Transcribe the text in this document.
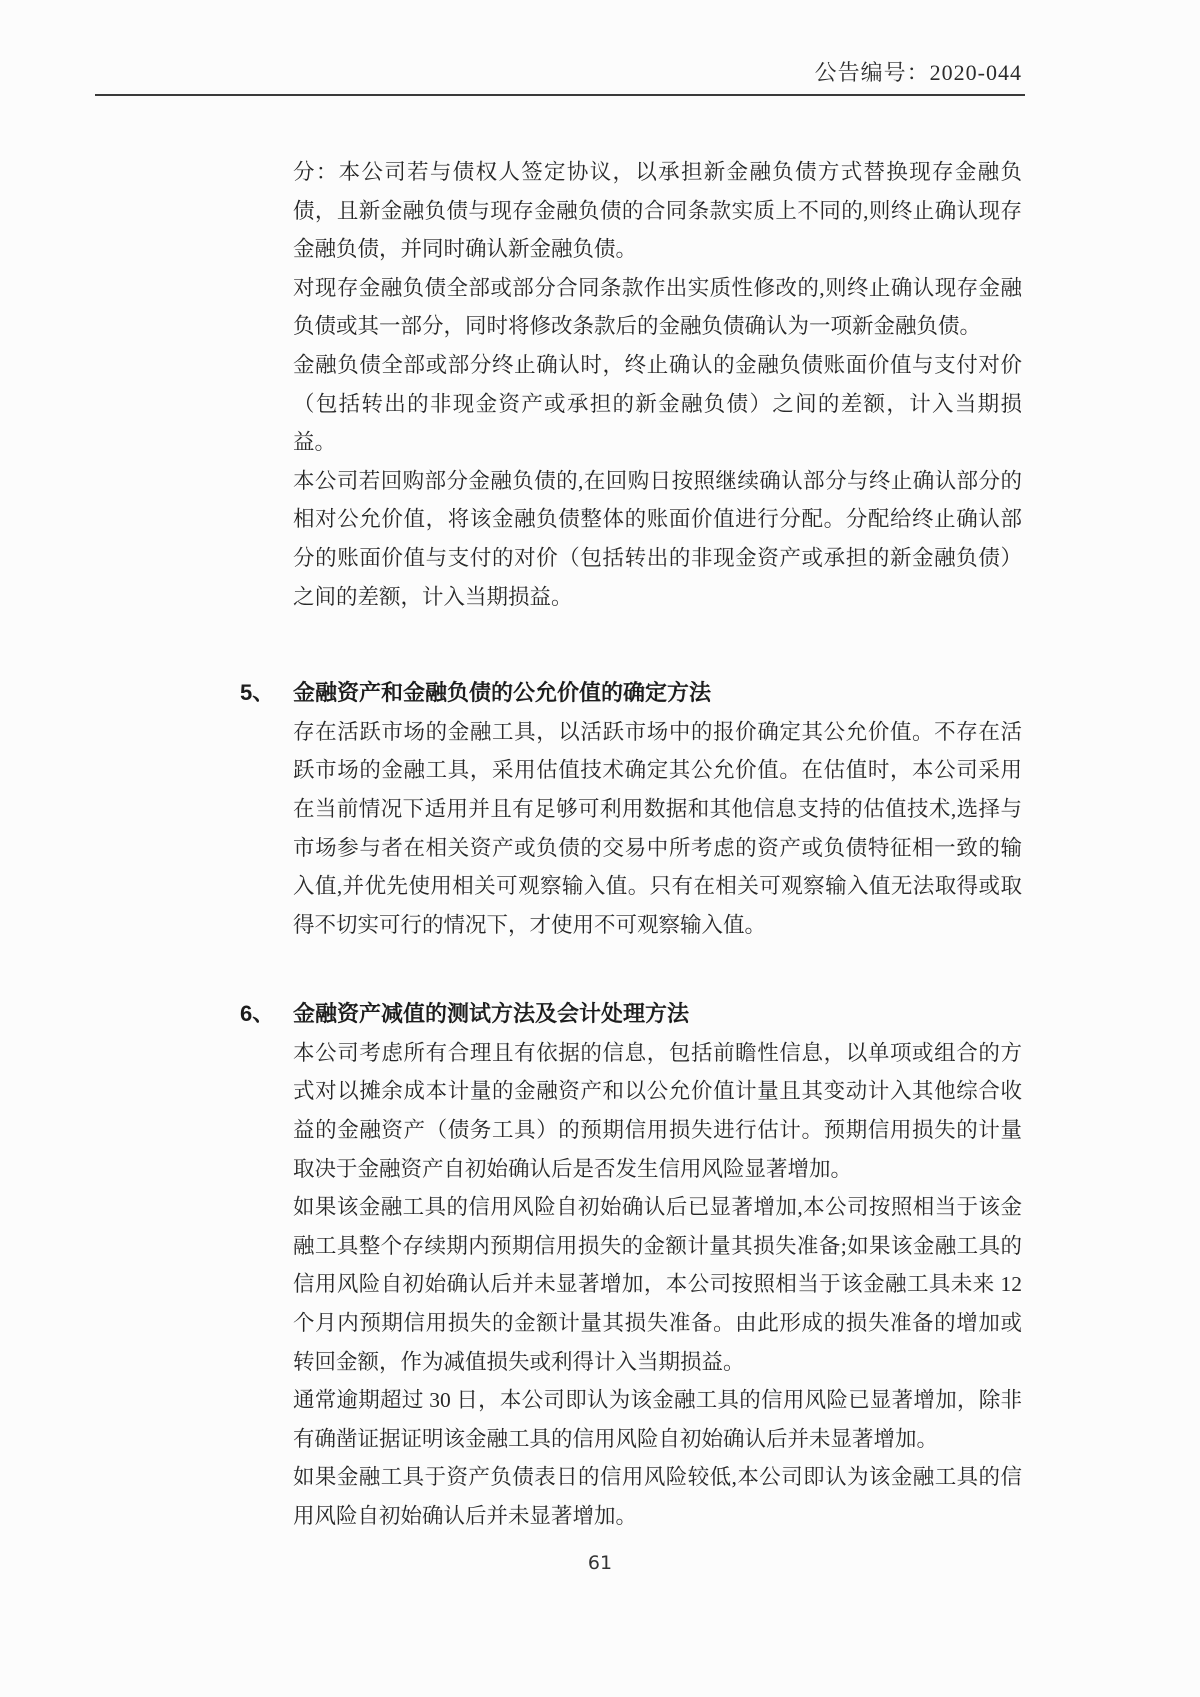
公告编号：2020-044

分：本公司若与债权人签定协议，以承担新金融负债方式替换现存金融负债，且新金融负债与现存金融负债的合同条款实质上不同的,则终止确认现存金融负债，并同时确认新金融负债。

对现存金融负债全部或部分合同条款作出实质性修改的,则终止确认现存金融负债或其一部分，同时将修改条款后的金融负债确认为一项新金融负债。

金融负债全部或部分终止确认时，终止确认的金融负债账面价值与支付对价（包括转出的非现金资产或承担的新金融负债）之间的差额，计入当期损益。

本公司若回购部分金融负债的,在回购日按照继续确认部分与终止确认部分的相对公允价值，将该金融负债整体的账面价值进行分配。分配给终止确认部分的账面价值与支付的对价（包括转出的非现金资产或承担的新金融负债）之间的差额，计入当期损益。

5、 金融资产和金融负债的公允价值的确定方法

存在活跃市场的金融工具，以活跃市场中的报价确定其公允价值。不存在活跃市场的金融工具，采用估值技术确定其公允价值。在估值时，本公司采用在当前情况下适用并且有足够可利用数据和其他信息支持的估值技术,选择与市场参与者在相关资产或负债的交易中所考虑的资产或负债特征相一致的输入值,并优先使用相关可观察输入值。只有在相关可观察输入值无法取得或取得不切实可行的情况下，才使用不可观察输入值。

6、 金融资产减值的测试方法及会计处理方法

本公司考虑所有合理且有依据的信息，包括前瞻性信息，以单项或组合的方式对以摊余成本计量的金融资产和以公允价值计量且其变动计入其他综合收益的金融资产（债务工具）的预期信用损失进行估计。预期信用损失的计量取决于金融资产自初始确认后是否发生信用风险显著增加。

如果该金融工具的信用风险自初始确认后已显著增加,本公司按照相当于该金融工具整个存续期内预期信用损失的金额计量其损失准备;如果该金融工具的信用风险自初始确认后并未显著增加，本公司按照相当于该金融工具未来 12 个月内预期信用损失的金额计量其损失准备。由此形成的损失准备的增加或转回金额，作为减值损失或利得计入当期损益。

通常逾期超过 30 日，本公司即认为该金融工具的信用风险已显著增加，除非有确凿证据证明该金融工具的信用风险自初始确认后并未显著增加。

如果金融工具于资产负债表日的信用风险较低,本公司即认为该金融工具的信用风险自初始确认后并未显著增加。

61
